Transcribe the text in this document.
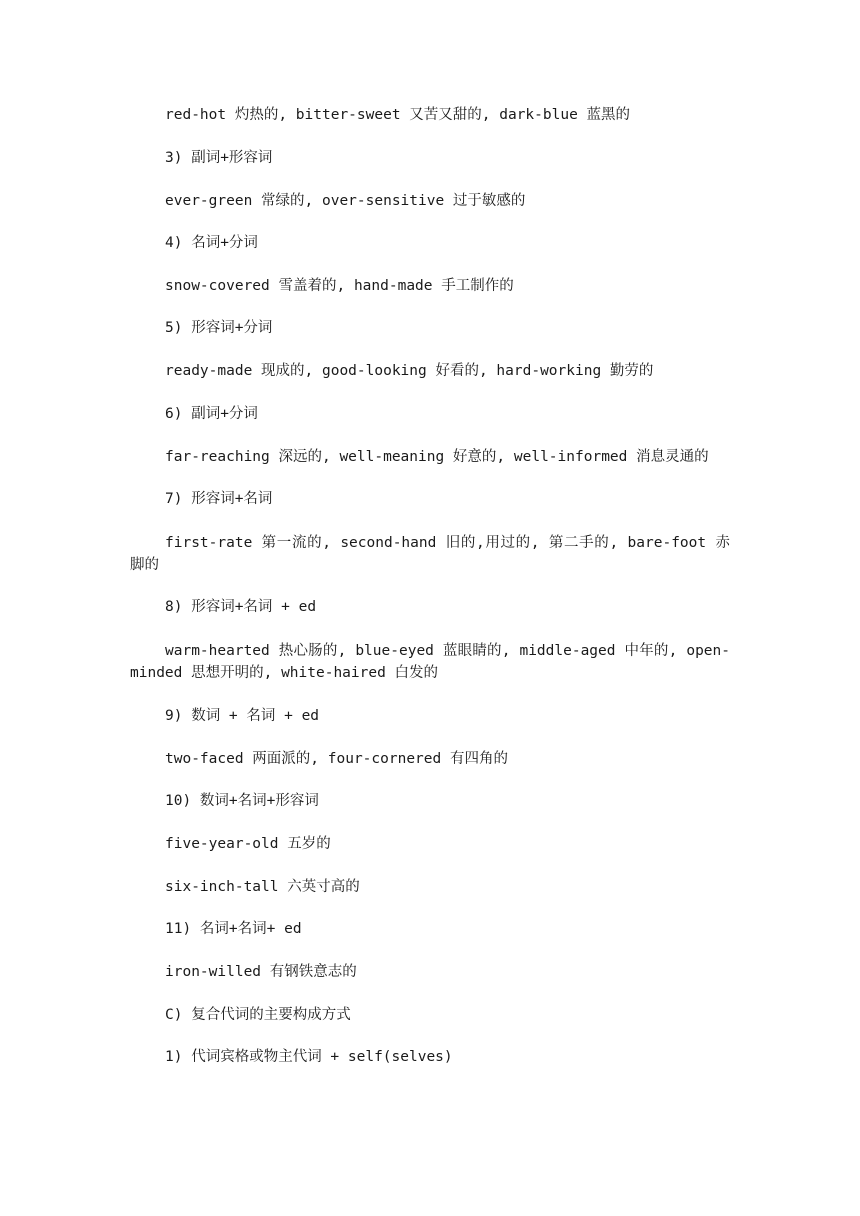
red-hot 灼热的, bitter-sweet 又苦又甜的, dark-blue 蓝黑的
3) 副词+形容词
ever-green 常绿的, over-sensitive 过于敏感的
4) 名词+分词
snow-covered 雪盖着的, hand-made 手工制作的
5) 形容词+分词
ready-made 现成的, good-looking 好看的, hard-working 勤劳的
6) 副词+分词
far-reaching 深远的, well-meaning 好意的, well-informed 消息灵通的
7) 形容词+名词
first-rate 第一流的, second-hand 旧的,用过的, 第二手的, bare-foot 赤脚的
8) 形容词+名词 + ed
warm-hearted 热心肠的, blue-eyed 蓝眼睛的, middle-aged 中年的, open-minded 思想开明的, white-haired 白发的
9) 数词 + 名词 + ed
two-faced 两面派的, four-cornered 有四角的
10) 数词+名词+形容词
five-year-old 五岁的
six-inch-tall 六英寸高的
11) 名词+名词+ ed
iron-willed 有钢铁意志的
C) 复合代词的主要构成方式
1) 代词宾格或物主代词 + self(selves)
